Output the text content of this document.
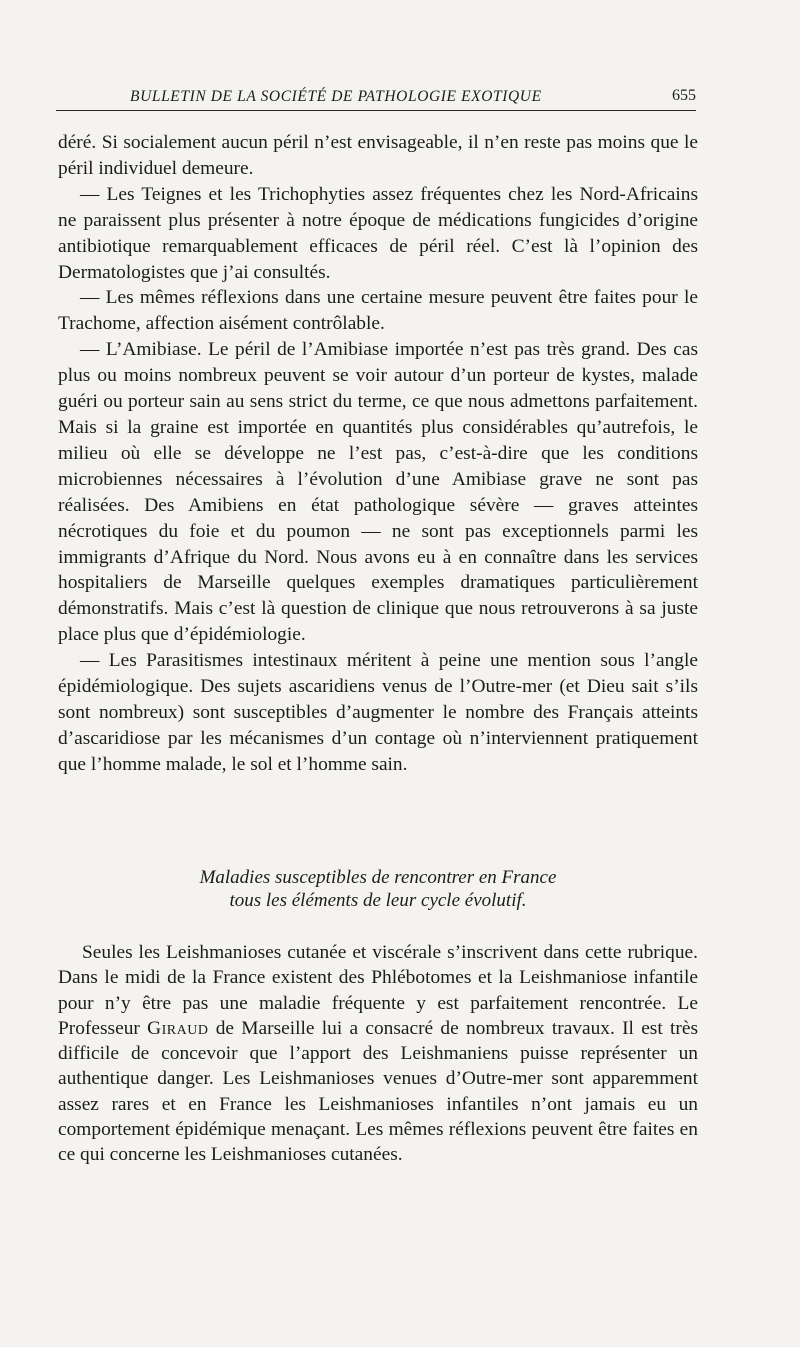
BULLETIN DE LA SOCIÉTÉ DE PATHOLOGIE EXOTIQUE	655

déré. Si socialement aucun péril n’est envisageable, il n’en reste pas moins que le péril individuel demeure.

— Les Teignes et les Trichophyties assez fréquentes chez les Nord-Africains ne paraissent plus présenter à notre époque de médications fungicides d’origine antibiotique remarquablement efficaces de péril réel. C’est là l’opinion des Dermatologistes que j’ai consultés.

— Les mêmes réflexions dans une certaine mesure peuvent être faites pour le Trachome, affection aisément contrôlable.

— L’Amibiase. Le péril de l’Amibiase importée n’est pas très grand. Des cas plus ou moins nombreux peuvent se voir autour d’un porteur de kystes, malade guéri ou porteur sain au sens strict du terme, ce que nous admettons parfaitement. Mais si la graine est importée en quantités plus considérables qu’autrefois, le milieu où elle se développe ne l’est pas, c’est-à-dire que les conditions microbiennes nécessaires à l’évolution d’une Amibiase grave ne sont pas réalisées. Des Amibiens en état pathologique sévère — graves atteintes nécrotiques du foie et du poumon — ne sont pas exceptionnels parmi les immigrants d’Afrique du Nord. Nous avons eu à en connaître dans les services hospitaliers de Marseille quelques exemples dramatiques particulièrement démonstratifs. Mais c’est là question de clinique que nous retrouverons à sa juste place plus que d’épidémiologie.

— Les Parasitismes intestinaux méritent à peine une mention sous l’angle épidémiologique. Des sujets ascaridiens venus de l’Outre-mer (et Dieu sait s’ils sont nombreux) sont susceptibles d’augmenter le nombre des Français atteints d’ascaridiose par les mécanismes d’un contage où n’interviennent pratiquement que l’homme malade, le sol et l’homme sain.

Maladies susceptibles de rencontrer en France
tous les éléments de leur cycle évolutif.

Seules les Leishmanioses cutanée et viscérale s’inscrivent dans cette rubrique. Dans le midi de la France existent des Phlébotomes et la Leishmaniose infantile pour n’y être pas une maladie fréquente y est parfaitement rencontrée. Le Professeur Giraud de Marseille lui a consacré de nombreux travaux. Il est très difficile de concevoir que l’apport des Leishmaniens puisse représenter un authentique danger. Les Leishmanioses venues d’Outre-mer sont apparemment assez rares et en France les Leishmanioses infantiles n’ont jamais eu un comportement épidémique menaçant. Les mêmes réflexions peuvent être faites en ce qui concerne les Leishmanioses cutanées.
